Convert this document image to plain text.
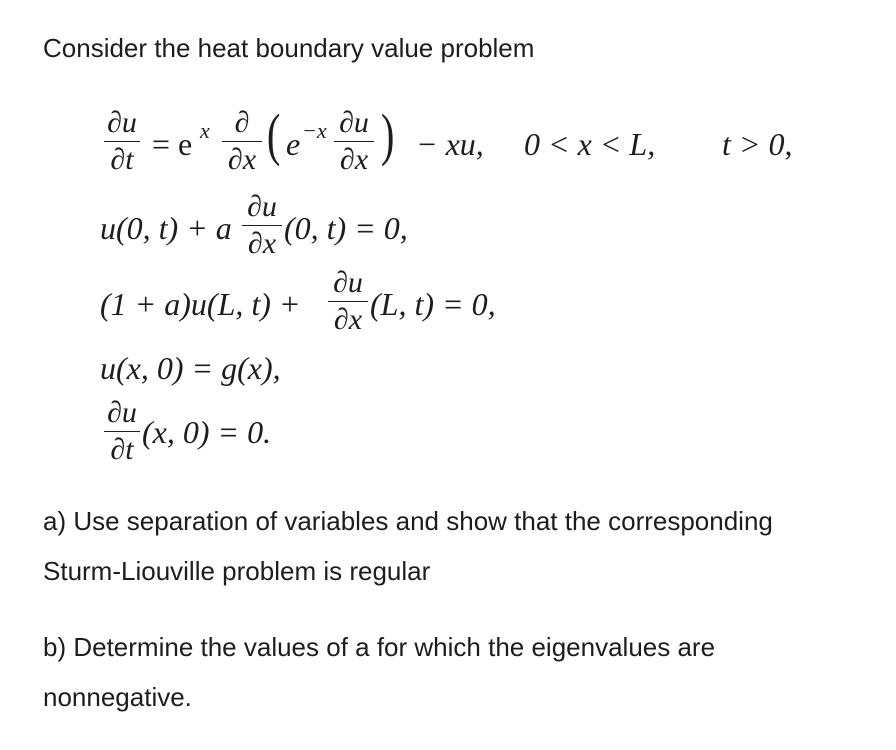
Consider the heat boundary value problem
∂u
∂t = e x ∂
∂x ( e −x ∂u
∂x ) − xu, 0 < x < L, t > 0,
u(0, t) + a
∂u
∂x (0, t) = 0,
(1 + a)u(L, t) +
∂u
∂x (L, t) = 0,
u(x, 0) = g(x),
∂u
∂t (x, 0) = 0.
a) Use separation of variables and show that the corresponding
Sturm-Liouville problem is regular
b) Determine the values of a for which the eigenvalues are
nonnegative.
